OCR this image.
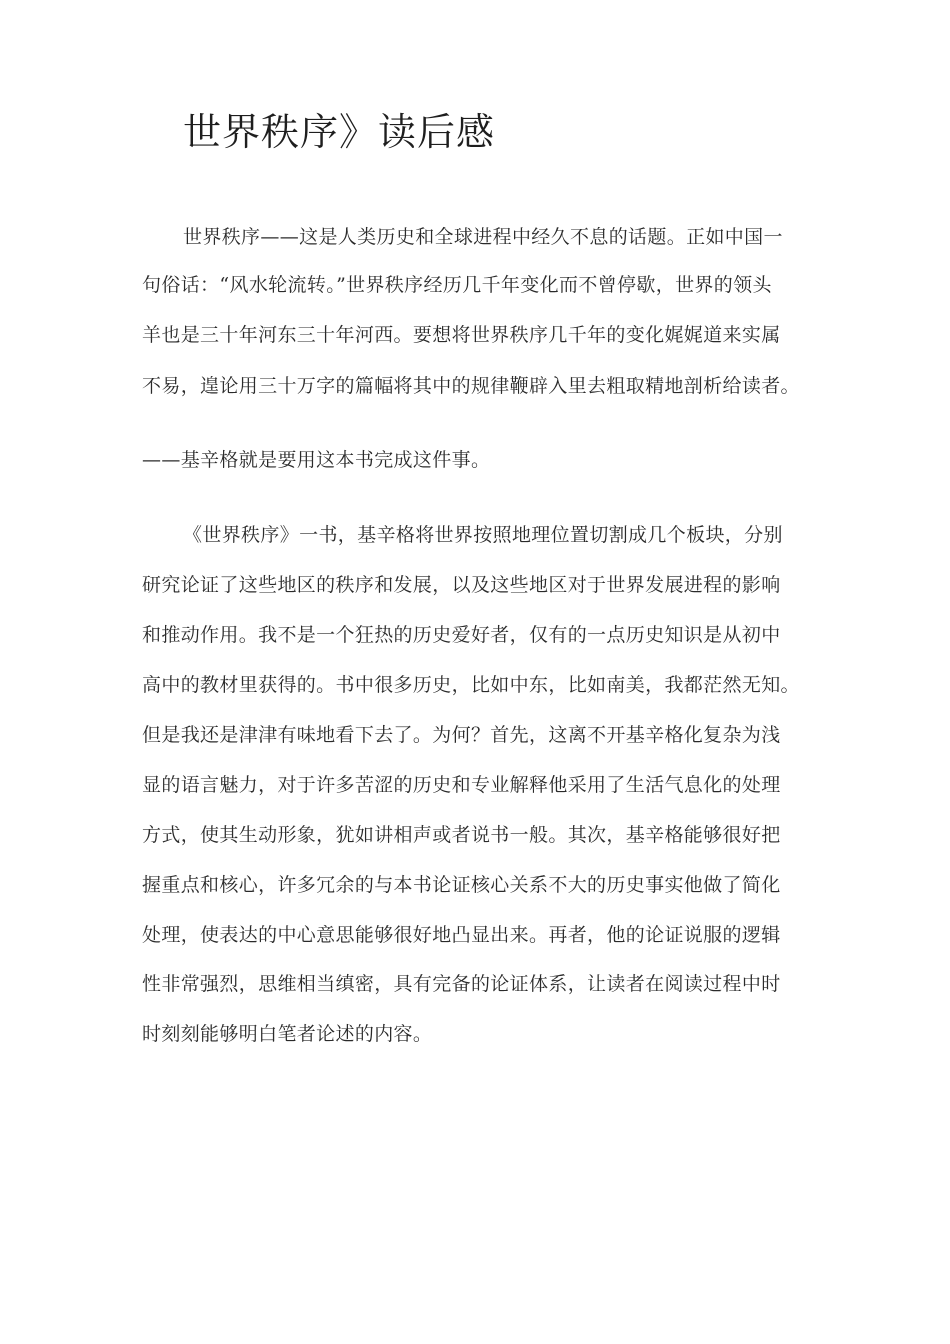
世界秩序》读后感
世界秩序——这是人类历史和全球进程中经久不息的话题。正如中国一
句俗话：“风水轮流转。”世界秩序经历几千年变化而不曾停歇，世界的领头
羊也是三十年河东三十年河西。要想将世界秩序几千年的变化娓娓道来实属
不易，遑论用三十万字的篇幅将其中的规律鞭辟入里去粗取精地剖析给读者。
——基辛格就是要用这本书完成这件事。
《世界秩序》一书，基辛格将世界按照地理位置切割成几个板块，分别
研究论证了这些地区的秩序和发展，以及这些地区对于世界发展进程的影响
和推动作用。我不是一个狂热的历史爱好者，仅有的一点历史知识是从初中
高中的教材里获得的。书中很多历史，比如中东，比如南美，我都茫然无知。
但是我还是津津有味地看下去了。为何？首先，这离不开基辛格化复杂为浅
显的语言魅力，对于许多苦涩的历史和专业解释他采用了生活气息化的处理
方式，使其生动形象，犹如讲相声或者说书一般。其次，基辛格能够很好把
握重点和核心，许多冗余的与本书论证核心关系不大的历史事实他做了简化
处理，使表达的中心意思能够很好地凸显出来。再者，他的论证说服的逻辑
性非常强烈，思维相当缜密，具有完备的论证体系，让读者在阅读过程中时
时刻刻能够明白笔者论述的内容。
